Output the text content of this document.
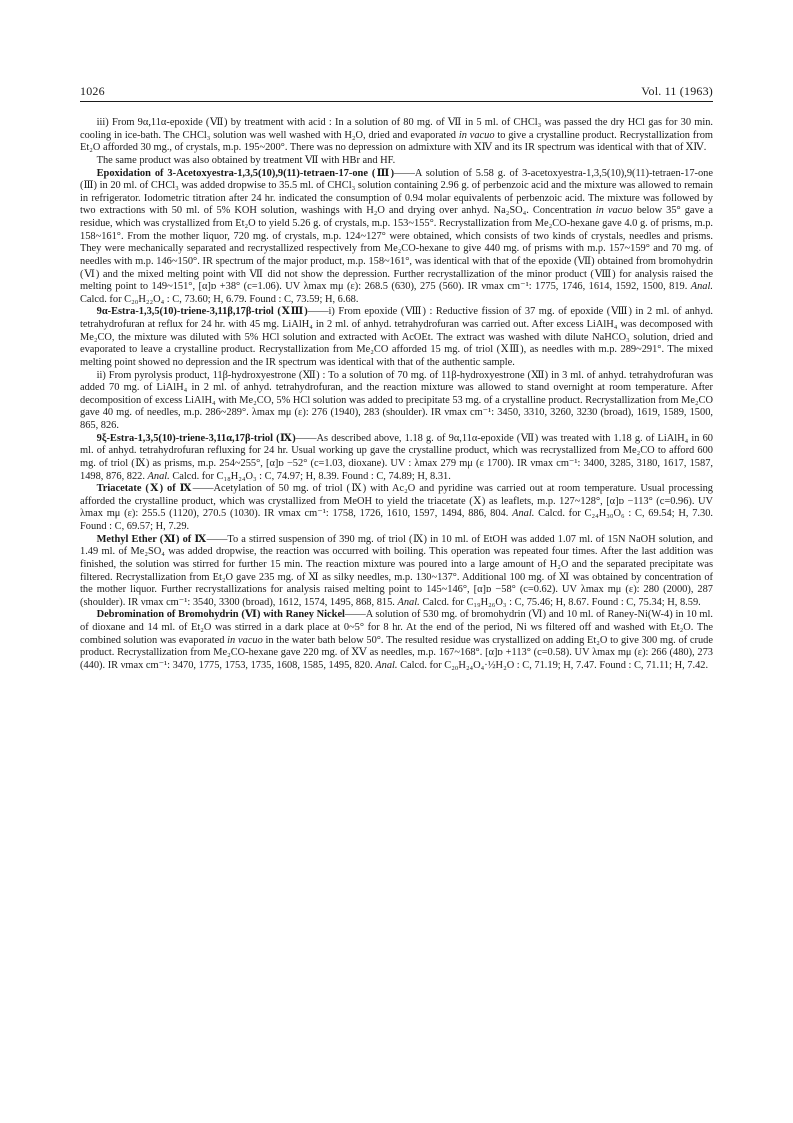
1026	Vol. 11 (1963)

iii) From 9α,11α-epoxide (Ⅶ) by treatment with acid : In a solution of 80 mg. of Ⅶ in 5 ml. of CHCl₃ was passed the dry HCl gas for 30 min. cooling in ice-bath. The CHCl₃ solution was well washed with H₂O, dried and evaporated in vacuo to give a crystalline product. Recrystallization from Et₂O afforded 30 mg., of crystals, m.p. 195~200°. There was no depression on admixture with ⅩⅣ and its IR spectrum was identical with that of ⅩⅣ.

The same product was also obtained by treatment Ⅶ with HBr and HF.

Epoxidation of 3-Acetoxyestra-1,3,5(10),9(11)-tetraen-17-one (Ⅲ)——A solution of 5.58 g. of 3-acetoxyestra-1,3,5(10),9(11)-tetraen-17-one (Ⅲ) in 20 ml. of CHCl₃ was added dropwise to 35.5 ml. of CHCl₃ solution containing 2.96 g. of perbenzoic acid and the mixture was allowed to remain in refrigerator. Iodometric titration after 24 hr. indicated the consumption of 0.94 molar equivalents of perbenzoic acid. The mixture was followed by two extractions with 50 ml. of 5% KOH solution, washings with H₂O and drying over anhyd. Na₂SO₄. Concentration in vacuo below 35° gave a residue, which was crystallized from Et₂O to yield 5.26 g. of crystals, m.p. 153~155°. Recrystallization from Me₂CO-hexane gave 4.0 g. of prisms, m.p. 158~161°. From the mother liquor, 720 mg. of crystals, m.p. 124~127° were obtained, which consists of two kinds of crystals, needles and prisms. They were mechanically separated and recrystallized respectively from Me₂CO-hexane to give 440 mg. of prisms with m.p. 157~159° and 70 mg. of needles with m.p. 146~150°. IR spectrum of the major product, m.p. 158~161°, was identical with that of the epoxide (Ⅶ) obtained from bromohydrin (Ⅵ) and the mixed melting point with Ⅶ did not show the depression. Further recrystallization of the minor product (Ⅷ) for analysis raised the melting point to 149~151°, [α]ᴅ +38° (c=1.06). UV λmax mμ (ε): 268.5 (630), 275 (560). IR νmax cm⁻¹: 1775, 1746, 1614, 1592, 1500, 819. Anal. Calcd. for C₂₀H₂₂O₄ : C, 73.60; H, 6.79. Found : C, 73.59; H, 6.68.

9α-Estra-1,3,5(10)-triene-3,11β,17β-triol (ⅩⅢ)——i) From epoxide (Ⅷ) : Reductive fission of 37 mg. of epoxide (Ⅷ) in 2 ml. of anhyd. tetrahydrofuran at reflux for 24 hr. with 45 mg. LiAlH₄ in 2 ml. of anhyd. tetrahydrofuran was carried out. After excess LiAlH₄ was decomposed with Me₂CO, the mixture was diluted with 5% HCl solution and extracted with AcOEt. The extract was washed with dilute NaHCO₃ solution, dried and evaporated to leave a crystalline product. Recrystallization from Me₂CO afforded 15 mg. of triol (ⅩⅢ), as needles with m.p. 289~291°. The mixed melting point showed no depression and the IR spectrum was identical with that of the authentic sample.

ii) From pyrolysis product, 11β-hydroxyestrone (Ⅻ) : To a solution of 70 mg. of 11β-hydroxyestrone (Ⅻ) in 3 ml. of anhyd. tetrahydrofuran was added 70 mg. of LiAlH₄ in 2 ml. of anhyd. tetrahydrofuran, and the reaction mixture was allowed to stand overnight at room temperature. After decomposition of excess LiAlH₄ with Me₂CO, 5% HCl solution was added to precipitate 53 mg. of a crystalline product. Recrystallization from Me₂CO gave 40 mg. of needles, m.p. 286~289°. λmax mμ (ε): 276 (1940), 283 (shoulder). IR νmax cm⁻¹: 3450, 3310, 3260, 3230 (broad), 1619, 1589, 1500, 865, 826.

9ξ-Estra-1,3,5(10)-triene-3,11α,17β-triol (Ⅸ)——As described above, 1.18 g. of 9α,11α-epoxide (Ⅶ) was treated with 1.18 g. of LiAlH₄ in 60 ml. of anhyd. tetrahydrofuran refluxing for 24 hr. Usual working up gave the crystalline product, which was recrystallized from Me₂CO to afford 600 mg. of triol (Ⅸ) as prisms, m.p. 254~255°, [α]ᴅ −52° (c=1.03, dioxane). UV : λmax 279 mμ (ε 1700). IR νmax cm⁻¹: 3400, 3285, 3180, 1617, 1587, 1498, 876, 822. Anal. Calcd. for C₁₈H₂₄O₃ : C, 74.97; H, 8.39. Found : C, 74.89; H, 8.31.

Triacetate (Ⅹ) of Ⅸ——Acetylation of 50 mg. of triol (Ⅸ) with Ac₂O and pyridine was carried out at room temperature. Usual processing afforded the crystalline product, which was crystallized from MeOH to yield the triacetate (Ⅹ) as leaflets, m.p. 127~128°, [α]ᴅ −113° (c=0.96). UV λmax mμ (ε): 255.5 (1120), 270.5 (1030). IR νmax cm⁻¹: 1758, 1726, 1610, 1597, 1494, 886, 804. Anal. Calcd. for C₂₄H₃₀O₆ : C, 69.54; H, 7.30. Found : C, 69.57; H, 7.29.

Methyl Ether (Ⅺ) of Ⅸ——To a stirred suspension of 390 mg. of triol (Ⅸ) in 10 ml. of EtOH was added 1.07 ml. of 15N NaOH solution, and 1.49 ml. of Me₂SO₄ was added dropwise, the reaction was occurred with boiling. This operation was repeated four times. After the last addition was finished, the solution was stirred for further 15 min. The reaction mixture was poured into a large amount of H₂O and the separated precipitate was filtered. Recrystallization from Et₂O gave 235 mg. of Ⅺ as silky needles, m.p. 130~137°. Additional 100 mg. of Ⅺ was obtained by concentration of the mother liquor. Further recrystallizations for analysis raised melting point to 145~146°, [α]ᴅ −58° (c=0.62). UV λmax mμ (ε): 280 (2000), 287 (shoulder). IR νmax cm⁻¹: 3540, 3300 (broad), 1612, 1574, 1495, 868, 815. Anal. Calcd. for C₁₉H₂₆O₃ : C, 75.46; H, 8.67. Found : C, 75.34; H, 8.59.

Debromination of Bromohydrin (Ⅵ) with Raney Nickel——A solution of 530 mg. of bromohydrin (Ⅵ) and 10 ml. of Raney-Ni(W-4) in 10 ml. of dioxane and 14 ml. of Et₂O was stirred in a dark place at 0~5° for 8 hr. At the end of the period, Ni ws filtered off and washed with Et₂O. The combined solution was evaporated in vacuo in the water bath below 50°. The resulted residue was crystallized on adding Et₂O to give 300 mg. of crude product. Recrystallization from Me₂CO-hexane gave 220 mg. of ⅩⅤ as needles, m.p. 167~168°. [α]ᴅ +113° (c=0.58). UV λmax mμ (ε): 266 (480), 273 (440). IR νmax cm⁻¹: 3470, 1775, 1753, 1735, 1608, 1585, 1495, 820. Anal. Calcd. for C₂₀H₂₄O₄·½H₂O : C, 71.19; H, 7.47. Found : C, 71.11; H, 7.42.
